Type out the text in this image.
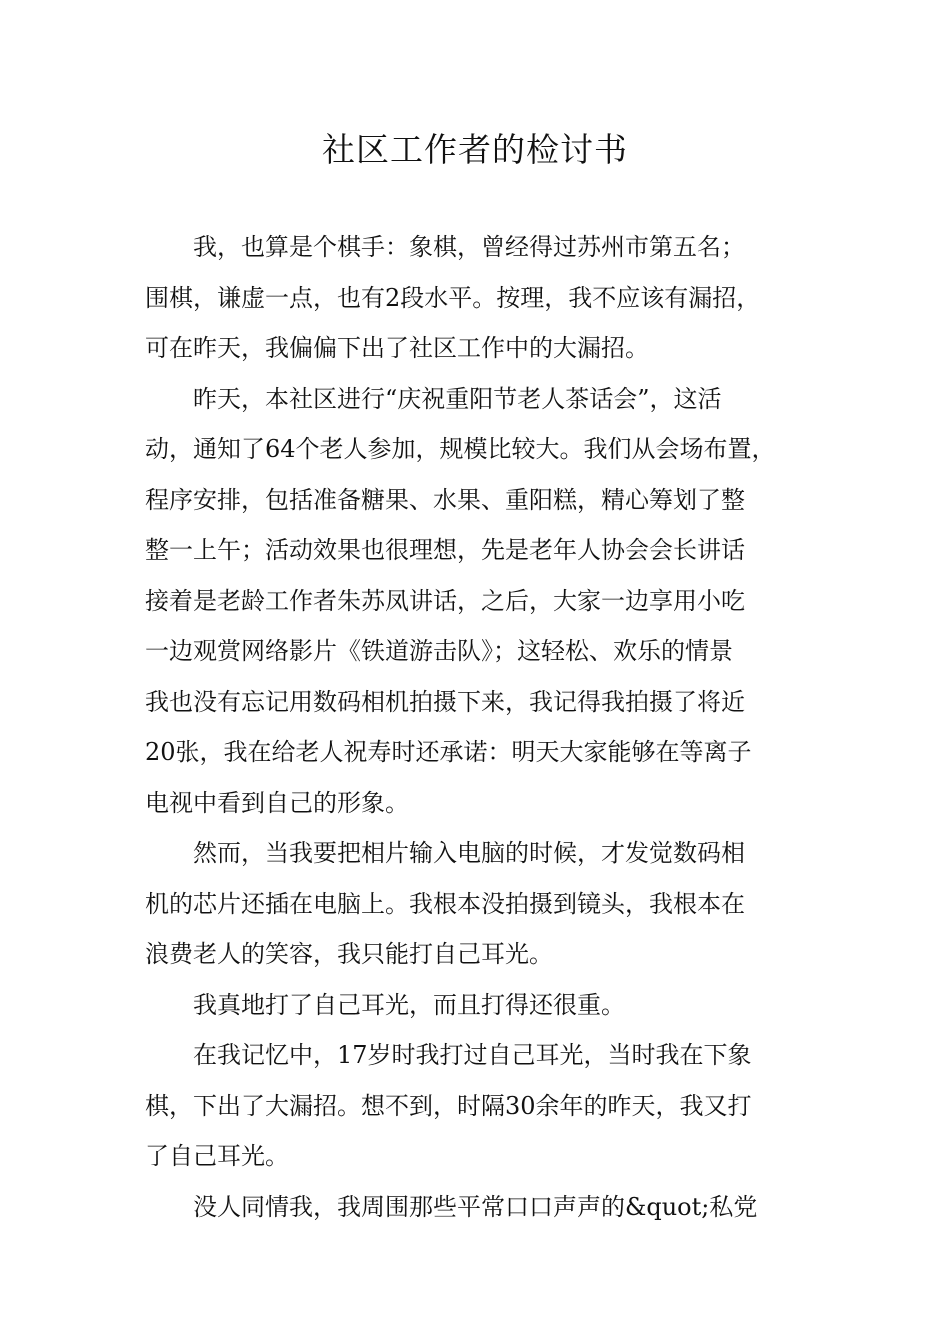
社区工作者的检讨书

我，也算是个棋手：象棋，曾经得过苏州市第五名；
围棋，谦虚一点，也有2段水平。按理，我不应该有漏招，
可在昨天，我偏偏下出了社区工作中的大漏招。

昨天，本社区进行“庆祝重阳节老人茶话会”，这活
动，通知了64个老人参加，规模比较大。我们从会场布置，
程序安排，包括准备糖果、水果、重阳糕，精心筹划了整
整一上午；活动效果也很理想，先是老年人协会会长讲话
接着是老龄工作者朱苏凤讲话，之后，大家一边享用小吃
一边观赏网络影片《铁道游击队》；这轻松、欢乐的情景
我也没有忘记用数码相机拍摄下来，我记得我拍摄了将近
20张，我在给老人祝寿时还承诺：明天大家能够在等离子
电视中看到自己的形象。

然而，当我要把相片输入电脑的时候，才发觉数码相
机的芯片还插在电脑上。我根本没拍摄到镜头，我根本在
浪费老人的笑容，我只能打自己耳光。

我真地打了自己耳光，而且打得还很重。

在我记忆中，17岁时我打过自己耳光，当时我在下象
棋，下出了大漏招。想不到，时隔30余年的昨天，我又打
了自己耳光。

没人同情我，我周围那些平常口口声声的&quot;私党
